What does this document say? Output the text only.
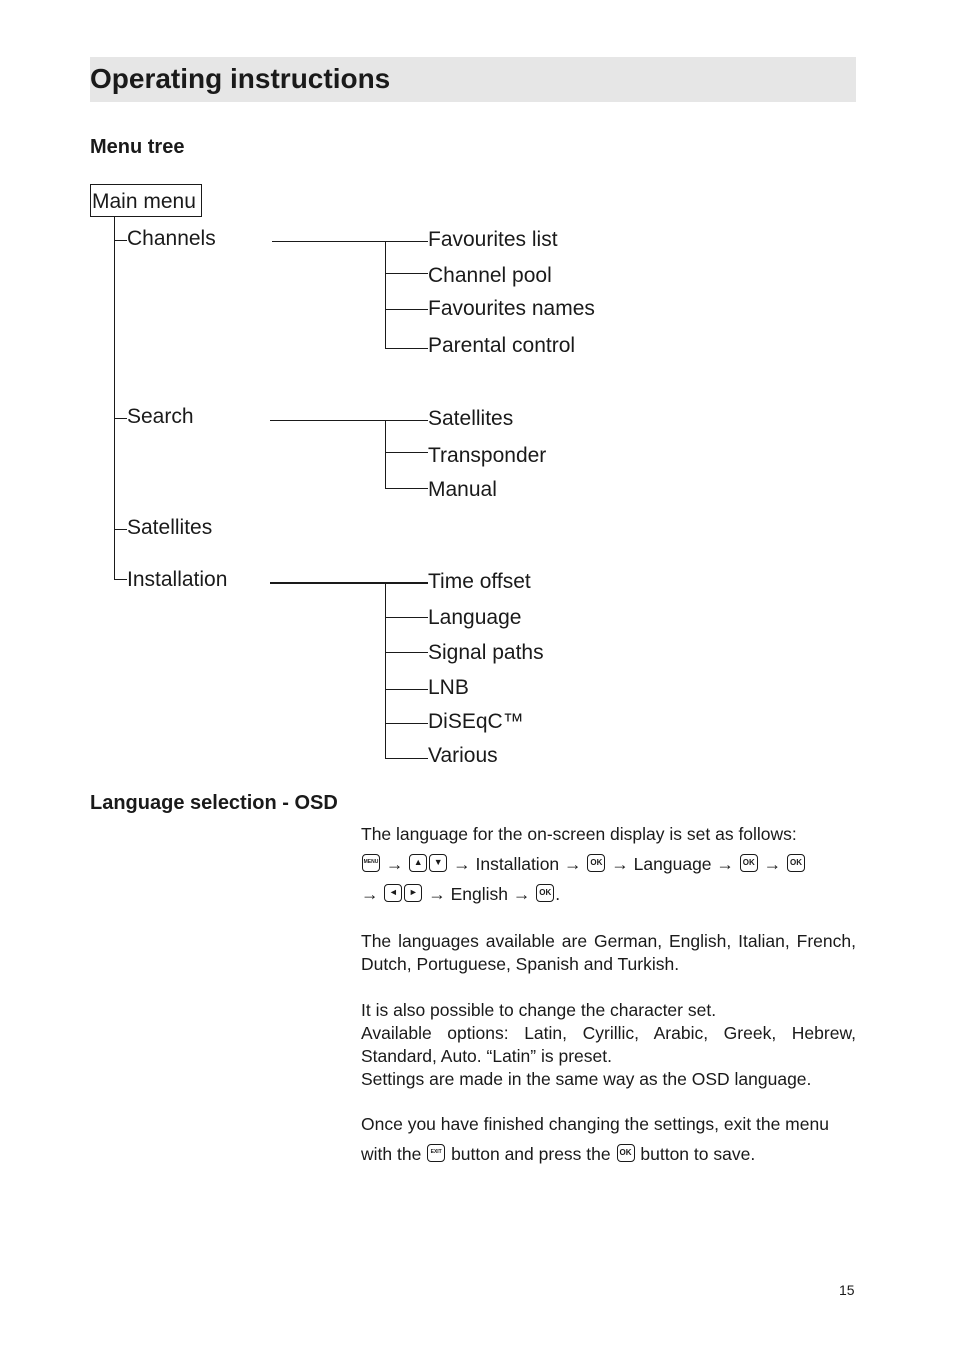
Operating instructions
Menu tree
Main menu
Channels
Search
Satellites
Installation
Favourites list
Channel pool
Favourites names
Parental control
Satellites
Transponder
Manual
Time offset
Language
Signal paths
LNB
DiSEqC™
Various
Language selection - OSD
The language for the on-screen display is set as follows:
MENU → ▲ ▼ → Installation → OK → Language → OK → OK
→ ◄ ► → English → OK .
The languages available are German, English, Italian, French, Dutch, Portuguese, Spanish and Turkish.
It is also possible to change the character set.
Available options: Latin, Cyrillic, Arabic, Greek, Hebrew, Standard, Auto. “Latin” is preset.
Settings are made in the same way as the OSD language.
Once you have finished changing the settings, exit the menu
with the EXIT button and press the OK button to save.
15
